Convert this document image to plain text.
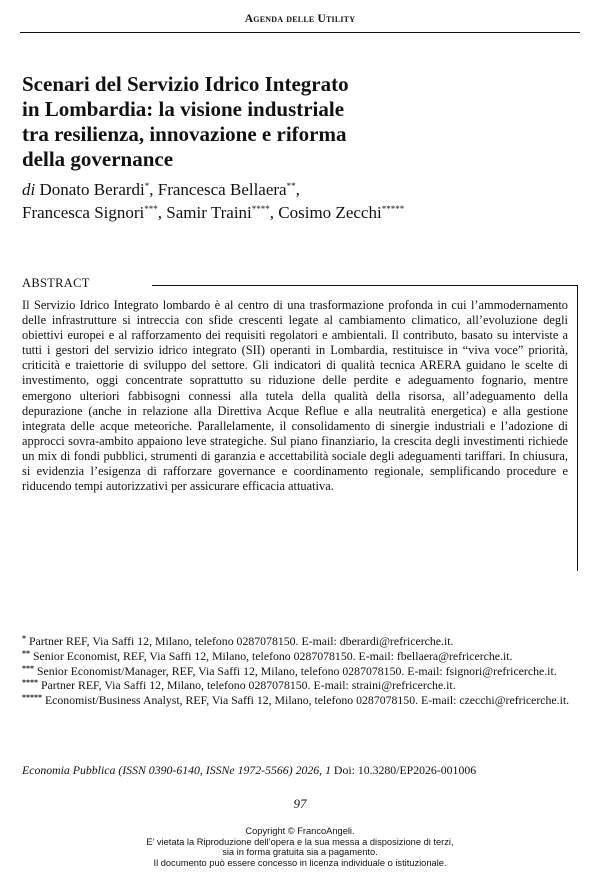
Agenda delle Utility
Scenari del Servizio Idrico Integrato
in Lombardia: la visione industriale
tra resilienza, innovazione e riforma
della governance
di Donato Berardi*, Francesca Bellaera**,
Francesca Signori***, Samir Traini****, Cosimo Zecchi*****
ABSTRACT

Il Servizio Idrico Integrato lombardo è al centro di una trasformazione profonda in cui l’ammodernamento delle infrastrutture si intreccia con sfide crescenti legate al cambiamento climatico, all’evoluzione degli obiettivi europei e al rafforzamento dei requisiti regolatori e ambientali. Il contributo, basato su interviste a tutti i gestori del servizio idrico integrato (SII) operanti in Lombardia, restituisce in “viva voce” priorità, criticità e traiettorie di sviluppo del settore. Gli indicatori di qualità tecnica ARERA guidano le scelte di investimento, oggi concentrate soprattutto su riduzione delle perdite e adeguamento fognario, mentre emergono ulteriori fabbisogni connessi alla tutela della qualità della risorsa, all’adeguamento della depurazione (anche in relazione alla Direttiva Acque Reflue e alla neutralità energetica) e alla gestione integrata delle acque meteoriche. Parallelamente, il consolidamento di sinergie industriali e l’adozione di approcci sovra-ambito appaiono leve strategiche. Sul piano finanziario, la crescita degli investimenti richiede un mix di fondi pubblici, strumenti di garanzia e accettabilità sociale degli adeguamenti tariffari. In chiusura, si evidenzia l’esigenza di rafforzare governance e coordinamento regionale, semplificando procedure e riducendo tempi autorizzativi per assicurare efficacia attuativa.

* Partner REF, Via Saffi 12, Milano, telefono 0287078150. E-mail: dberardi@refricerche.it.

** Senior Economist, REF, Via Saffi 12, Milano, telefono 0287078150. E-mail: fbellaera@refricerche.it.

*** Senior Economist/Manager, REF, Via Saffi 12, Milano, telefono 0287078150. E-mail: fsignori@refricerche.it.

**** Partner REF, Via Saffi 12, Milano, telefono 0287078150. E-mail: straini@refricerche.it.

***** Economist/Business Analyst, REF, Via Saffi 12, Milano, telefono 0287078150. E-mail: czecchi@refricerche.it.

Economia Pubblica (ISSN 0390-6140, ISSNe 1972-5566) 2026, 1 Doi: 10.3280/EP2026-001006
97
Copyright © FrancoAngeli.
E’ vietata la Riproduzione dell’opera e la sua messa a disposizione di terzi,
sia in forma gratuita sia a pagamento.
Il documento può essere concesso in licenza individuale o istituzionale.
